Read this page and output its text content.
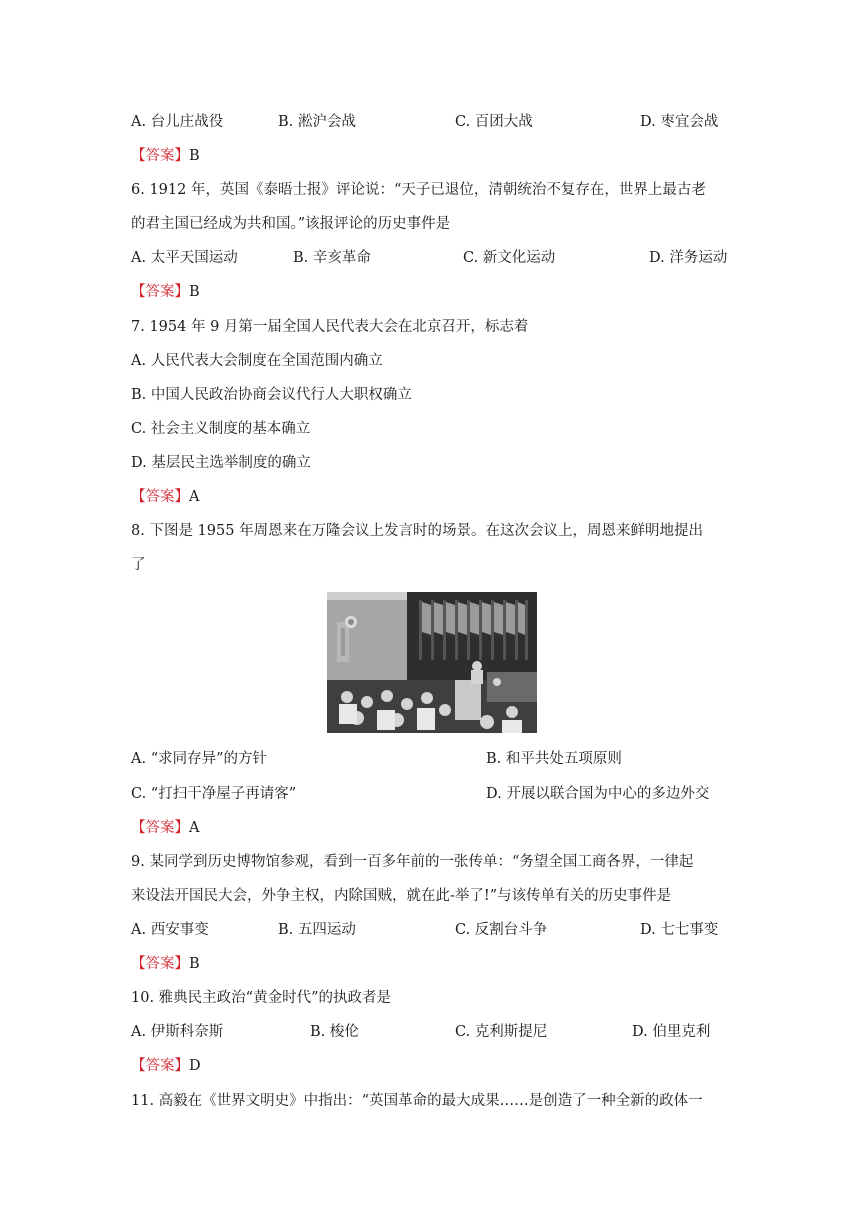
A. 台儿庄战役	B. 淞沪会战	C. 百团大战	D. 枣宜会战
【答案】B
6. 1912 年，英国《泰晤士报》评论说：“天子已退位，清朝统治不复存在，世界上最古老
的君主国已经成为共和国。”该报评论的历史事件是
A. 太平天国运动	B. 辛亥革命	C. 新文化运动	D. 洋务运动
【答案】B
7. 1954 年 9 月第一届全国人民代表大会在北京召开，标志着
A. 人民代表大会制度在全国范围内确立
B. 中国人民政治协商会议代行人大职权确立
C. 社会主义制度的基本确立
D. 基层民主选举制度的确立
【答案】A
8. 下图是 1955 年周恩来在万隆会议上发言时的场景。在这次会议上，周恩来鲜明地提出
了
A. “求同存异”的方针	B. 和平共处五项原则
C. “打扫干净屋子再请客”	D. 开展以联合国为中心的多边外交
【答案】A
9. 某同学到历史博物馆参观，看到一百多年前的一张传单：“务望全国工商各界，一律起
来设法开国民大会，外争主权，内除国贼，就在此-举了!”与该传单有关的历史事件是
A. 西安事变	B. 五四运动	C. 反割台斗争	D. 七七事变
【答案】B
10. 雅典民主政治“黄金时代”的执政者是
A. 伊斯科奈斯	B. 梭伦	C. 克利斯提尼	D. 伯里克利
【答案】D
11. 高毅在《世界文明史》中指出：“英国革命的最大成果……是创造了一种全新的政体一
